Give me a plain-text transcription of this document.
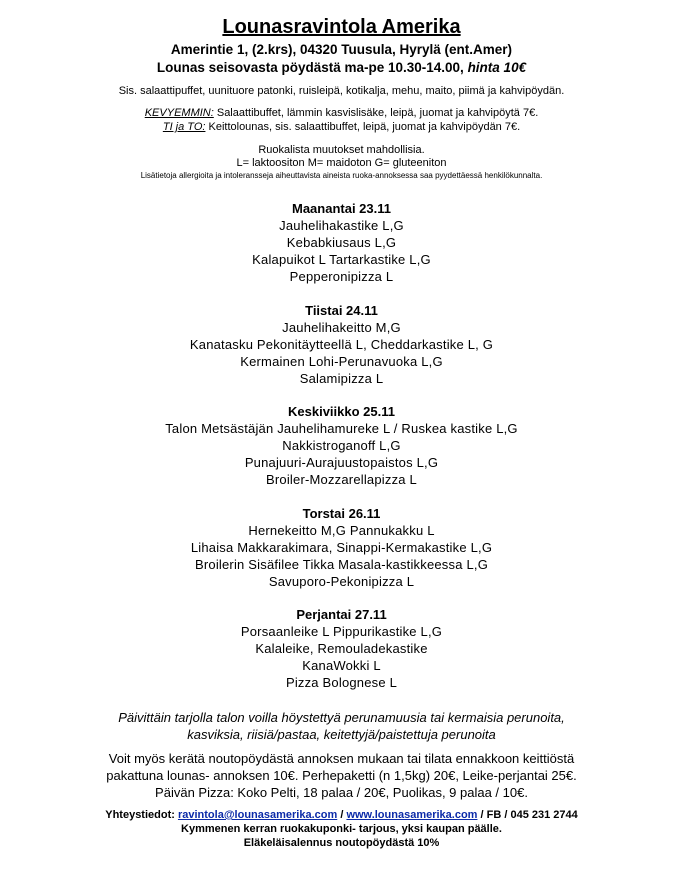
Lounasravintola Amerika
Amerintie 1, (2.krs), 04320 Tuusula, Hyrylä (ent.Amer)
Lounas seisovasta pöydästä ma-pe 10.30-14.00, hinta 10€
Sis. salaattipuffet, uunituore patonki, ruisleipä, kotikalja, mehu, maito, piimä ja kahvipöydän.
KEVYEMMIN: Salaattibuffet, lämmin kasvislisäke, leipä, juomat ja kahvipöytä 7€.
TI ja TO: Keittolounas, sis. salaattibuffet, leipä, juomat ja kahvipöydän 7€.
Ruokalista muutokset mahdollisia.
L= laktoositon M= maidoton G= gluteeniton
Lisätietoja allergioita ja intoleransseja aiheuttavista aineista ruoka-annoksessa saa pyydettäessä henkilökunnalta.
Maanantai 23.11
Jauhelihakastike L,G
Kebabkiusaus L,G
Kalapuikot L Tartarkastike L,G
Pepperonipizza L
Tiistai 24.11
Jauhelihakeitto M,G
Kanatasku Pekonitäytteellä L, Cheddarkastike L, G
Kermainen Lohi-Perunavuoka L,G
Salamipizza L
Keskiviikko 25.11
Talon Metsästäjän Jauhelihamureke L / Ruskea kastike L,G
Nakkistroganoff L,G
Punajuuri-Aurajuustopaistos L,G
Broiler-Mozzarellapizza L
Torstai 26.11
Hernekeitto M,G Pannukakku L
Lihaisa Makkarakimara, Sinappi-Kermakastike L,G
Broilerin Sisäfilee Tikka Masala-kastikkeessa L,G
Savuporo-Pekonipizza L
Perjantai 27.11
Porsaanleike L Pippurikastike L,G
Kalaleike, Remouladekastike
KanaWokki L
Pizza Bolognese L
Päivittäin tarjolla talon voilla höystettyä perunamuusia tai kermaisia perunoita,
kasviksia, riisiä/pastaa, keitettyjä/paistettuja perunoita
Voit myös kerätä noutopöydästä annoksen mukaan tai tilata ennakkoon keittiöstä
pakattuna lounas- annoksen 10€. Perhepaketti (n 1,5kg) 20€, Leike-perjantai 25€.
Päivän Pizza: Koko Pelti, 18 palaa / 20€, Puolikas, 9 palaa / 10€.
Yhteystiedot: ravintola@lounasamerika.com / www.lounasamerika.com / FB / 045 231 2744
Kymmenen kerran ruokakuponki- tarjous, yksi kaupan päälle.
Eläkeläisalennus noutopöydästä 10%
